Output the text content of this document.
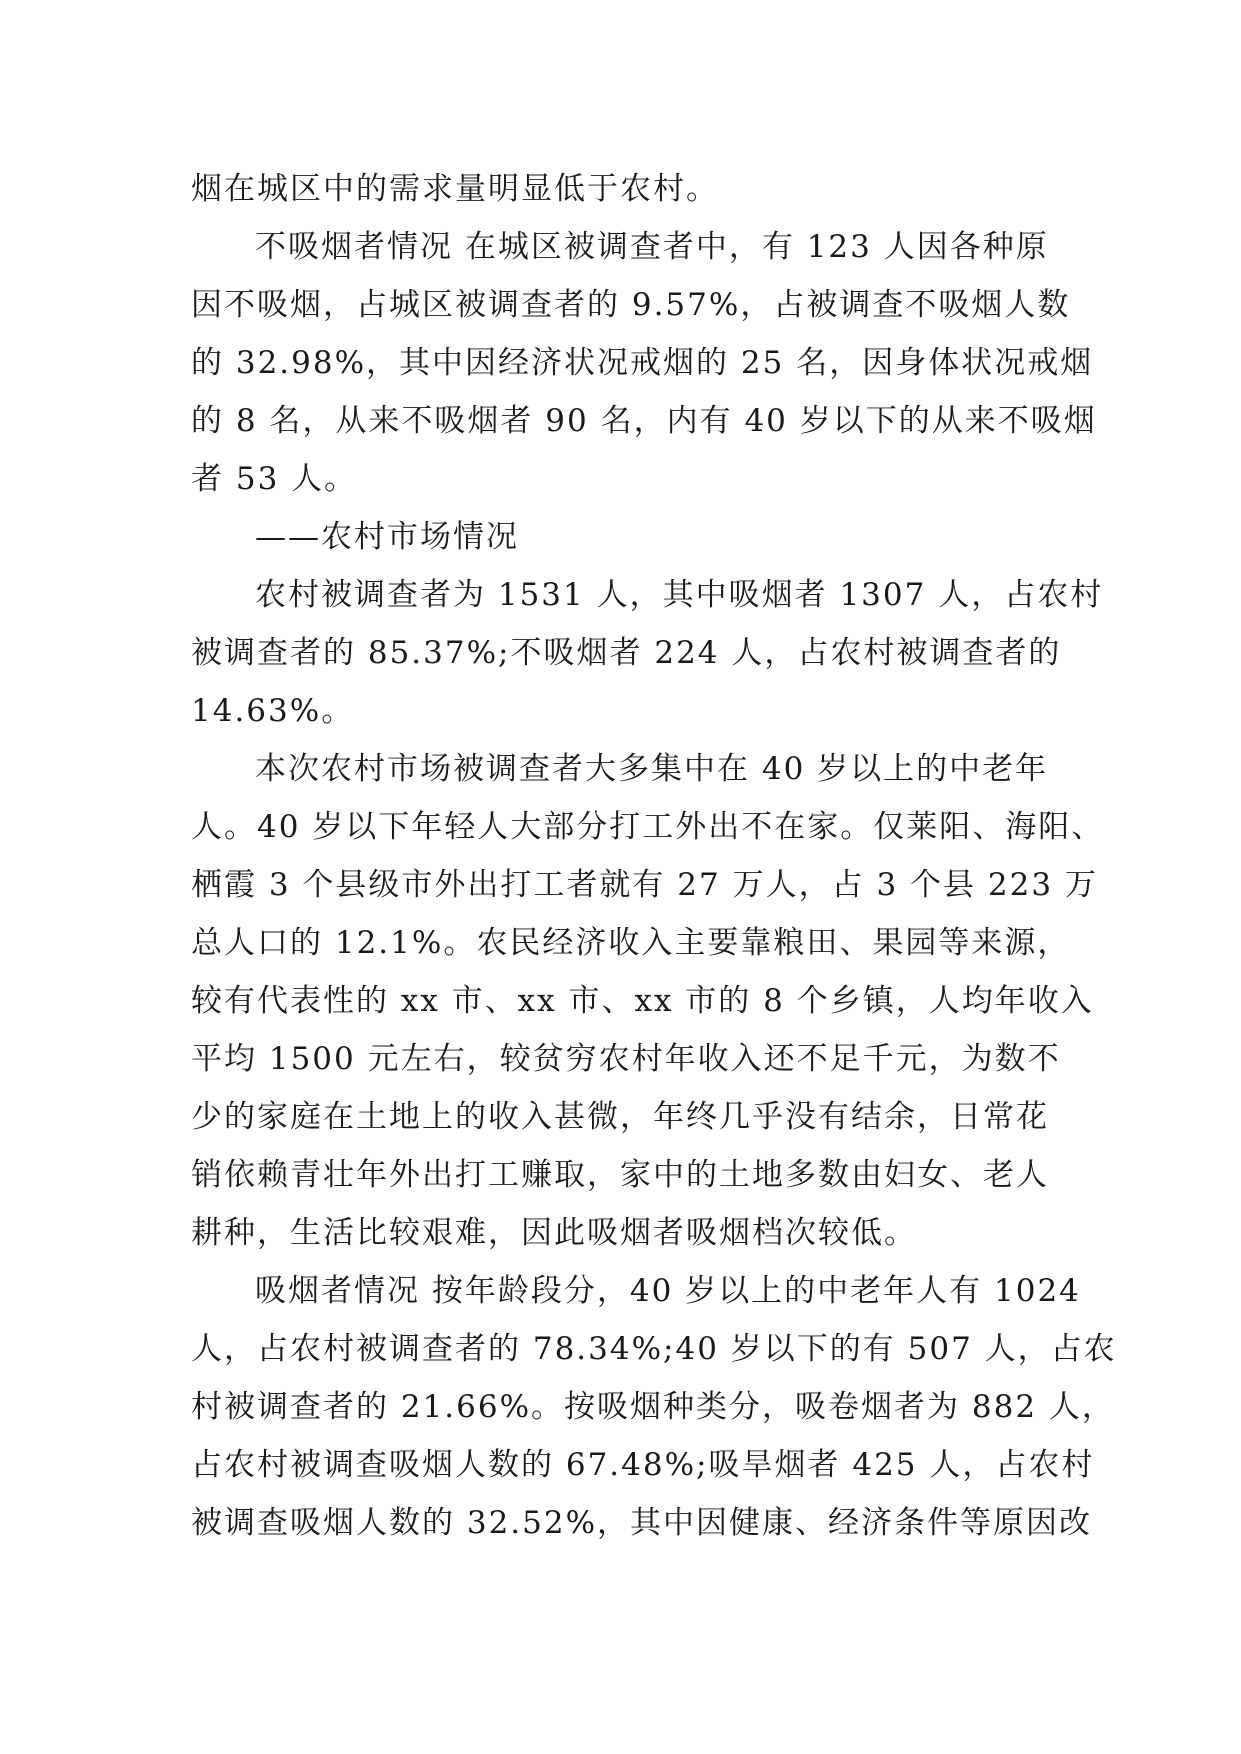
烟在城区中的需求量明显低于农村。
不吸烟者情况 在城区被调查者中，有 123 人因各种原
因不吸烟，占城区被调查者的 9.57%，占被调查不吸烟人数
的 32.98%，其中因经济状况戒烟的 25 名，因身体状况戒烟
的 8 名，从来不吸烟者 90 名，内有 40 岁以下的从来不吸烟
者 53 人。
——农村市场情况
农村被调查者为 1531 人，其中吸烟者 1307 人，占农村
被调查者的 85.37%;不吸烟者 224 人，占农村被调查者的
14.63%。
本次农村市场被调查者大多集中在 40 岁以上的中老年
人。40 岁以下年轻人大部分打工外出不在家。仅莱阳、海阳、
栖霞 3 个县级市外出打工者就有 27 万人，占 3 个县 223 万
总人口的 12.1%。农民经济收入主要靠粮田、果园等来源，
较有代表性的 xx 市、xx 市、xx 市的 8 个乡镇，人均年收入
平均 1500 元左右，较贫穷农村年收入还不足千元，为数不
少的家庭在土地上的收入甚微，年终几乎没有结余，日常花
销依赖青壮年外出打工赚取，家中的土地多数由妇女、老人
耕种，生活比较艰难，因此吸烟者吸烟档次较低。
吸烟者情况 按年龄段分，40 岁以上的中老年人有 1024
人，占农村被调查者的 78.34%;40 岁以下的有 507 人，占农
村被调查者的 21.66%。按吸烟种类分，吸卷烟者为 882 人，
占农村被调查吸烟人数的 67.48%;吸旱烟者 425 人，占农村
被调查吸烟人数的 32.52%，其中因健康、经济条件等原因改
